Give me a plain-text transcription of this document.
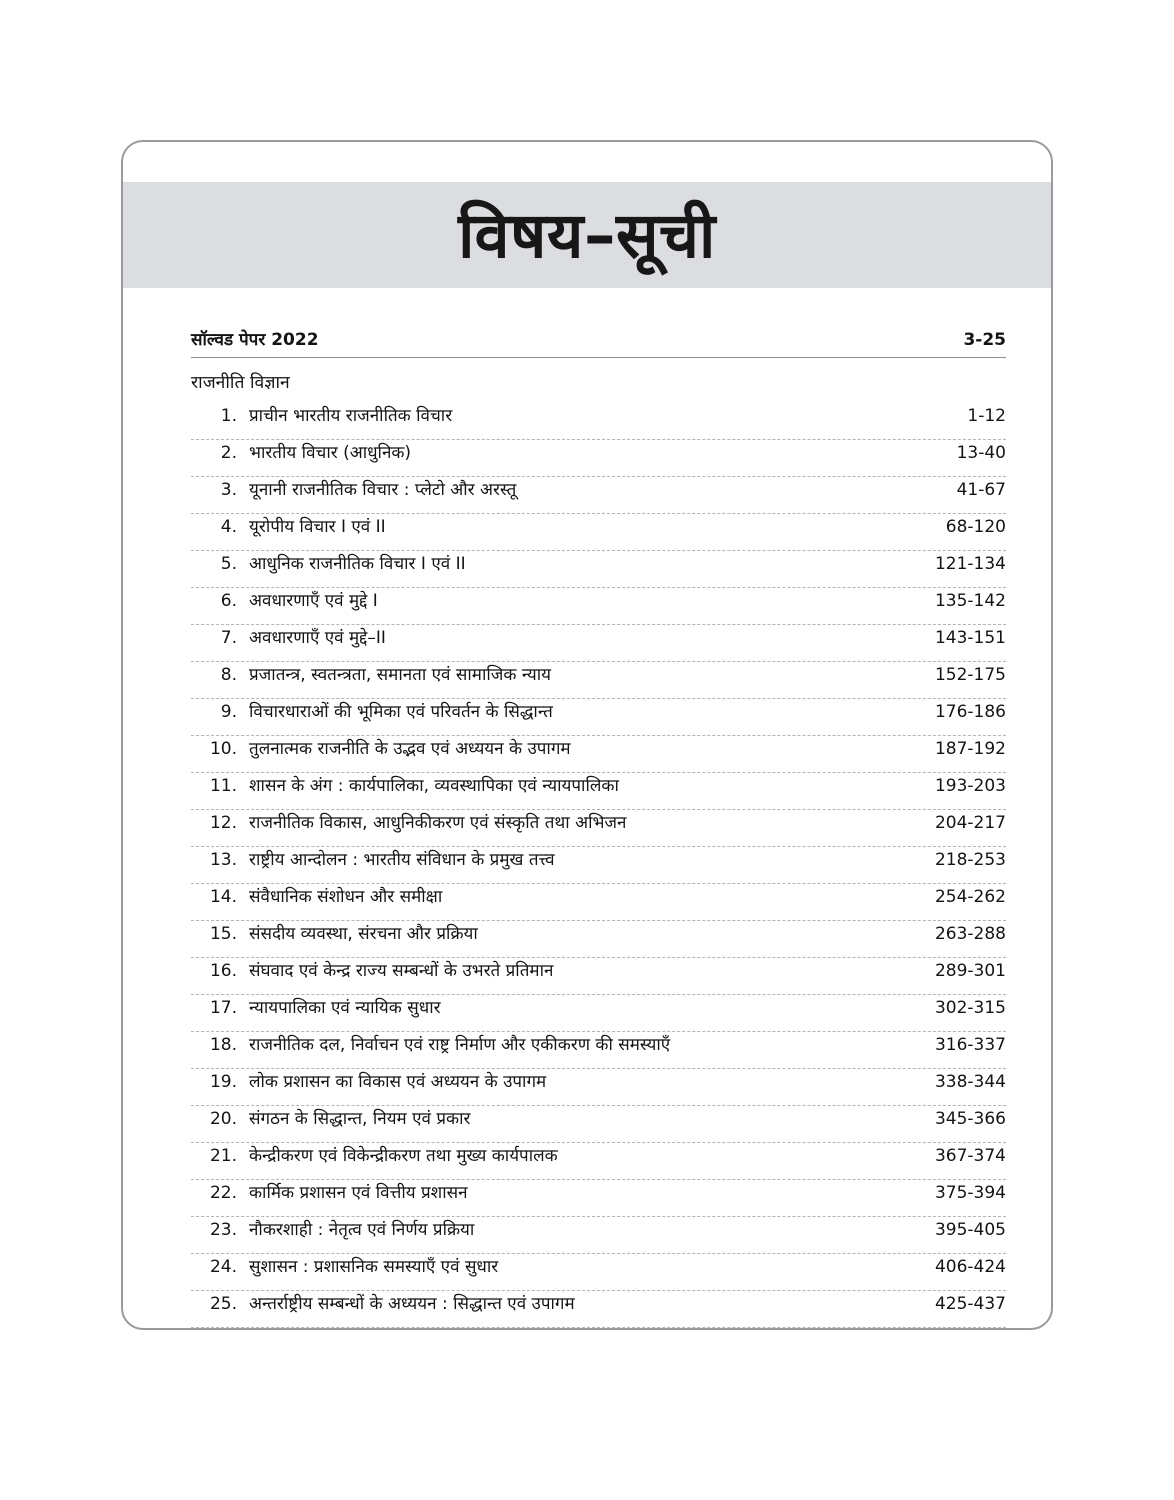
विषय–सूची
सॉल्वड पेपर 2022	3-25
राजनीति विज्ञान
1. प्राचीन भारतीय राजनीतिक विचार	1-12
2. भारतीय विचार (आधुनिक)	13-40
3. यूनानी राजनीतिक विचार : प्लेटो और अरस्तू	41-67
4. यूरोपीय विचार I एवं II	68-120
5. आधुनिक राजनीतिक विचार I एवं II	121-134
6. अवधारणाएँ एवं मुद्दे I	135-142
7. अवधारणाएँ एवं मुद्दे–II	143-151
8. प्रजातन्त्र, स्वतन्त्रता, समानता एवं सामाजिक न्याय	152-175
9. विचारधाराओं की भूमिका एवं परिवर्तन के सिद्धान्त	176-186
10. तुलनात्मक राजनीति के उद्भव एवं अध्ययन के उपागम	187-192
11. शासन के अंग : कार्यपालिका, व्यवस्थापिका एवं न्यायपालिका	193-203
12. राजनीतिक विकास, आधुनिकीकरण एवं संस्कृति तथा अभिजन	204-217
13. राष्ट्रीय आन्दोलन : भारतीय संविधान के प्रमुख तत्त्व	218-253
14. संवैधानिक संशोधन और समीक्षा	254-262
15. संसदीय व्यवस्था, संरचना और प्रक्रिया	263-288
16. संघवाद एवं केन्द्र राज्य सम्बन्धों के उभरते प्रतिमान	289-301
17. न्यायपालिका एवं न्यायिक सुधार	302-315
18. राजनीतिक दल, निर्वाचन एवं राष्ट्र निर्माण और एकीकरण की समस्याएँ	316-337
19. लोक प्रशासन का विकास एवं अध्ययन के उपागम	338-344
20. संगठन के सिद्धान्त, नियम एवं प्रकार	345-366
21. केन्द्रीकरण एवं विकेन्द्रीकरण तथा मुख्य कार्यपालक	367-374
22. कार्मिक प्रशासन एवं वित्तीय प्रशासन	375-394
23. नौकरशाही : नेतृत्व एवं निर्णय प्रक्रिया	395-405
24. सुशासन : प्रशासनिक समस्याएँ एवं सुधार	406-424
25. अन्तर्राष्ट्रीय सम्बन्धों के अध्ययन : सिद्धान्त एवं उपागम	425-437
